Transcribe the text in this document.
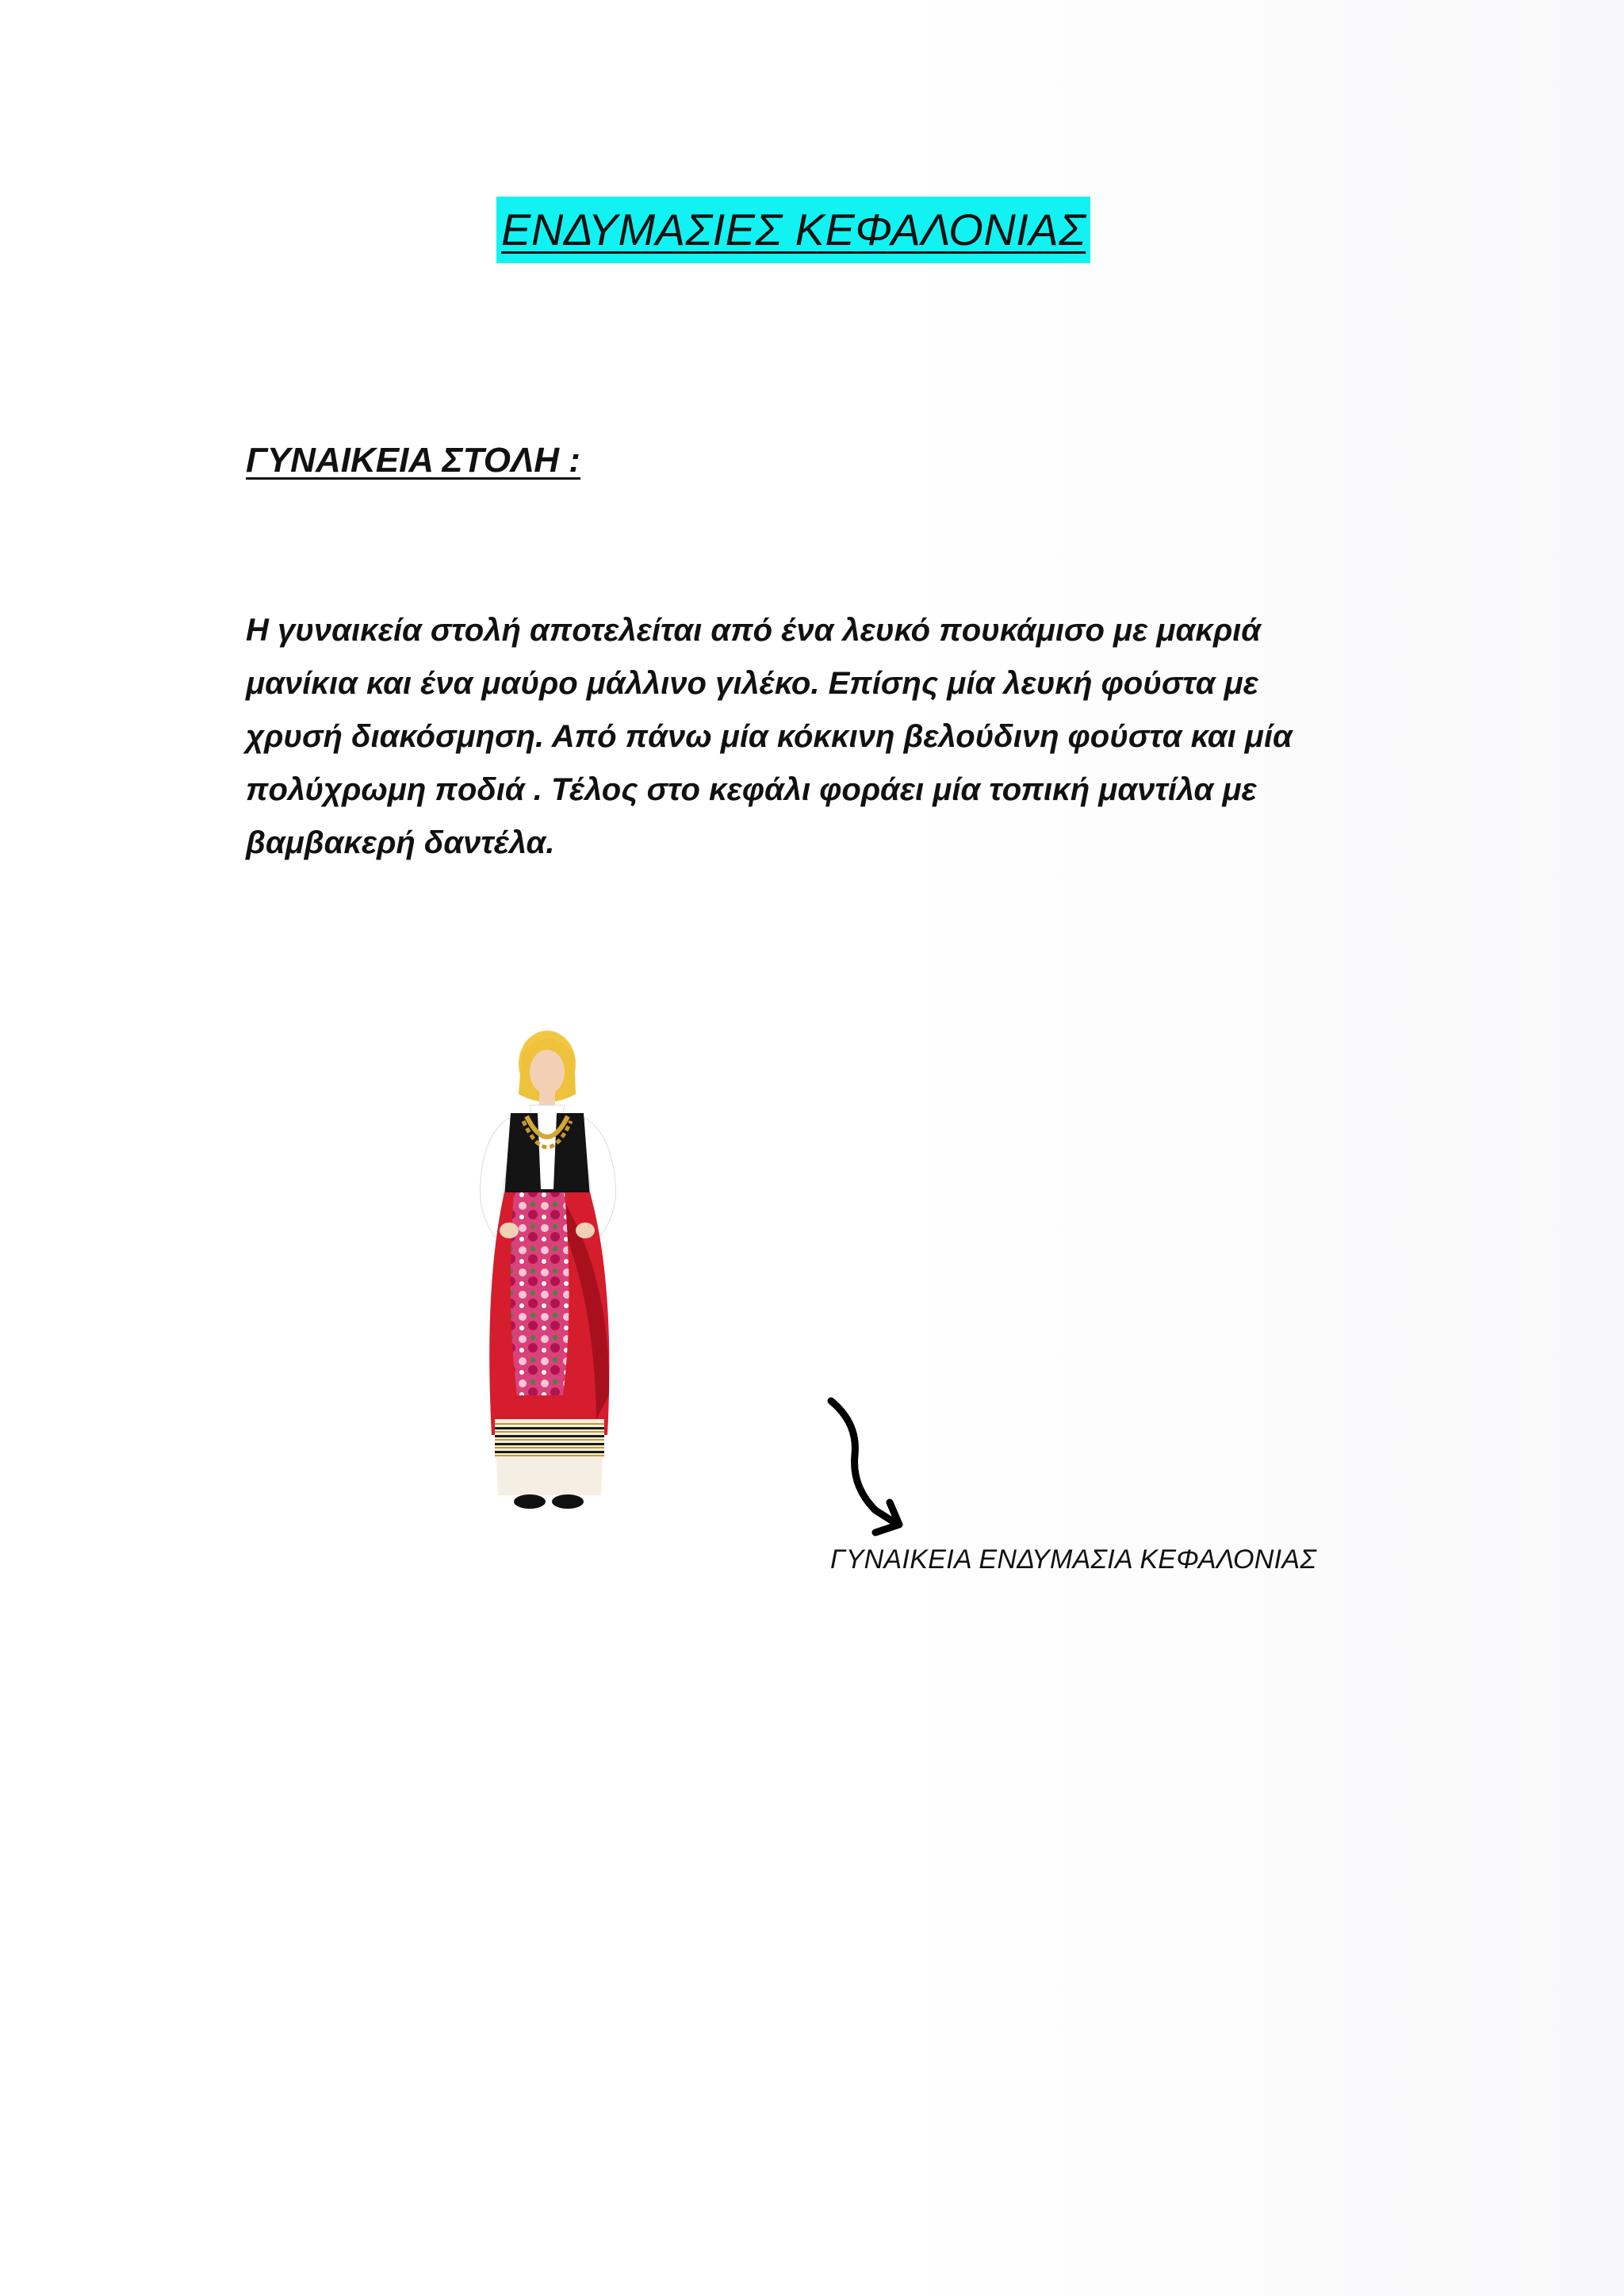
ΕΝΔΥΜΑΣΙΕΣ ΚΕΦΑΛΟΝΙΑΣ
ΓΥΝΑΙΚΕΙΑ ΣΤΟΛΗ :
Η γυναικεία στολή αποτελείται από ένα λευκό πουκάμισο με μακριά
μανίκια και ένα μαύρο μάλλινο γιλέκο. Επίσης μία λευκή φούστα με
χρυσή διακόσμηση. Από πάνω μία κόκκινη βελούδινη φούστα και μία
πολύχρωμη ποδιά . Τέλος στο κεφάλι φοράει μία τοπική μαντίλα με
βαμβακερή δαντέλα.
ΓΥΝΑΙΚΕΙΑ ΕΝΔΥΜΑΣΙΑ ΚΕΦΑΛΟΝΙΑΣ
